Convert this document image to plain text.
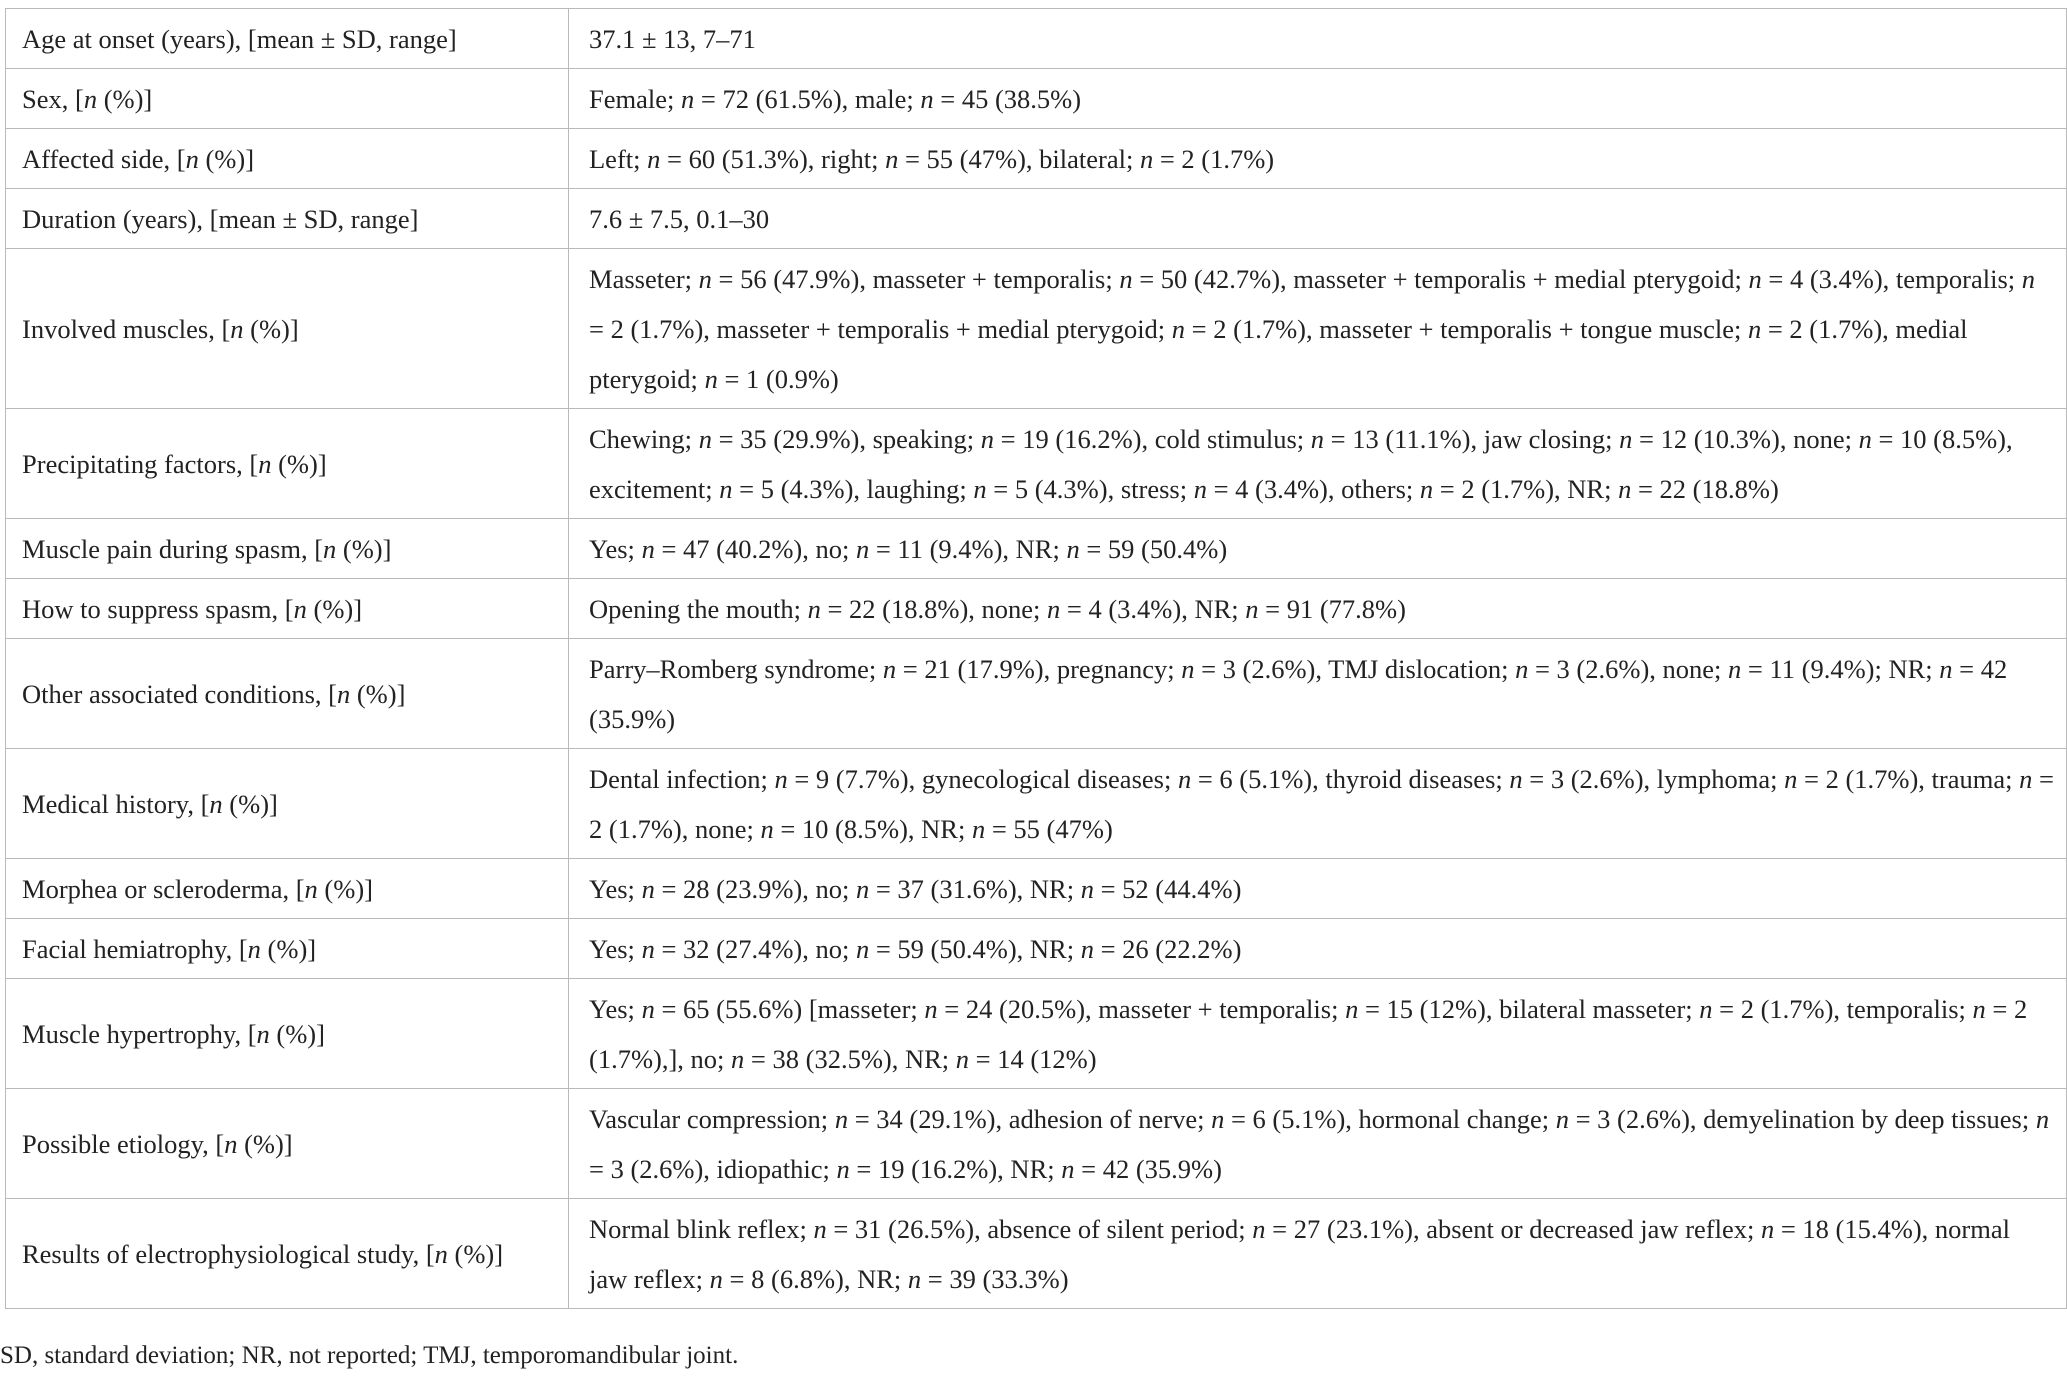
Age at onset (years), [mean ± SD, range]	37.1 ± 13, 7–71
Sex, [n (%)]	Female; n = 72 (61.5%), male; n = 45 (38.5%)
Affected side, [n (%)]	Left; n = 60 (51.3%), right; n = 55 (47%), bilateral; n = 2 (1.7%)
Duration (years), [mean ± SD, range]	7.6 ± 7.5, 0.1–30
Involved muscles, [n (%)]	Masseter; n = 56 (47.9%), masseter + temporalis; n = 50 (42.7%), masseter + temporalis + medial pterygoid; n = 4 (3.4%), temporalis; n = 2 (1.7%), masseter + temporalis + medial pterygoid; n = 2 (1.7%), masseter + temporalis + tongue muscle; n = 2 (1.7%), medial pterygoid; n = 1 (0.9%)
Precipitating factors, [n (%)]	Chewing; n = 35 (29.9%), speaking; n = 19 (16.2%), cold stimulus; n = 13 (11.1%), jaw closing; n = 12 (10.3%), none; n = 10 (8.5%), excitement; n = 5 (4.3%), laughing; n = 5 (4.3%), stress; n = 4 (3.4%), others; n = 2 (1.7%), NR; n = 22 (18.8%)
Muscle pain during spasm, [n (%)]	Yes; n = 47 (40.2%), no; n = 11 (9.4%), NR; n = 59 (50.4%)
How to suppress spasm, [n (%)]	Opening the mouth; n = 22 (18.8%), none; n = 4 (3.4%), NR; n = 91 (77.8%)
Other associated conditions, [n (%)]	Parry–Romberg syndrome; n = 21 (17.9%), pregnancy; n = 3 (2.6%), TMJ dislocation; n = 3 (2.6%), none; n = 11 (9.4%); NR; n = 42 (35.9%)
Medical history, [n (%)]	Dental infection; n = 9 (7.7%), gynecological diseases; n = 6 (5.1%), thyroid diseases; n = 3 (2.6%), lymphoma; n = 2 (1.7%), trauma; n = 2 (1.7%), none; n = 10 (8.5%), NR; n = 55 (47%)
Morphea or scleroderma, [n (%)]	Yes; n = 28 (23.9%), no; n = 37 (31.6%), NR; n = 52 (44.4%)
Facial hemiatrophy, [n (%)]	Yes; n = 32 (27.4%), no; n = 59 (50.4%), NR; n = 26 (22.2%)
Muscle hypertrophy, [n (%)]	Yes; n = 65 (55.6%) [masseter; n = 24 (20.5%), masseter + temporalis; n = 15 (12%), bilateral masseter; n = 2 (1.7%), temporalis; n = 2 (1.7%),], no; n = 38 (32.5%), NR; n = 14 (12%)
Possible etiology, [n (%)]	Vascular compression; n = 34 (29.1%), adhesion of nerve; n = 6 (5.1%), hormonal change; n = 3 (2.6%), demyelination by deep tissues; n = 3 (2.6%), idiopathic; n = 19 (16.2%), NR; n = 42 (35.9%)
Results of electrophysiological study, [n (%)]	Normal blink reflex; n = 31 (26.5%), absence of silent period; n = 27 (23.1%), absent or decreased jaw reflex; n = 18 (15.4%), normal jaw reflex; n = 8 (6.8%), NR; n = 39 (33.3%)
SD, standard deviation; NR, not reported; TMJ, temporomandibular joint.
